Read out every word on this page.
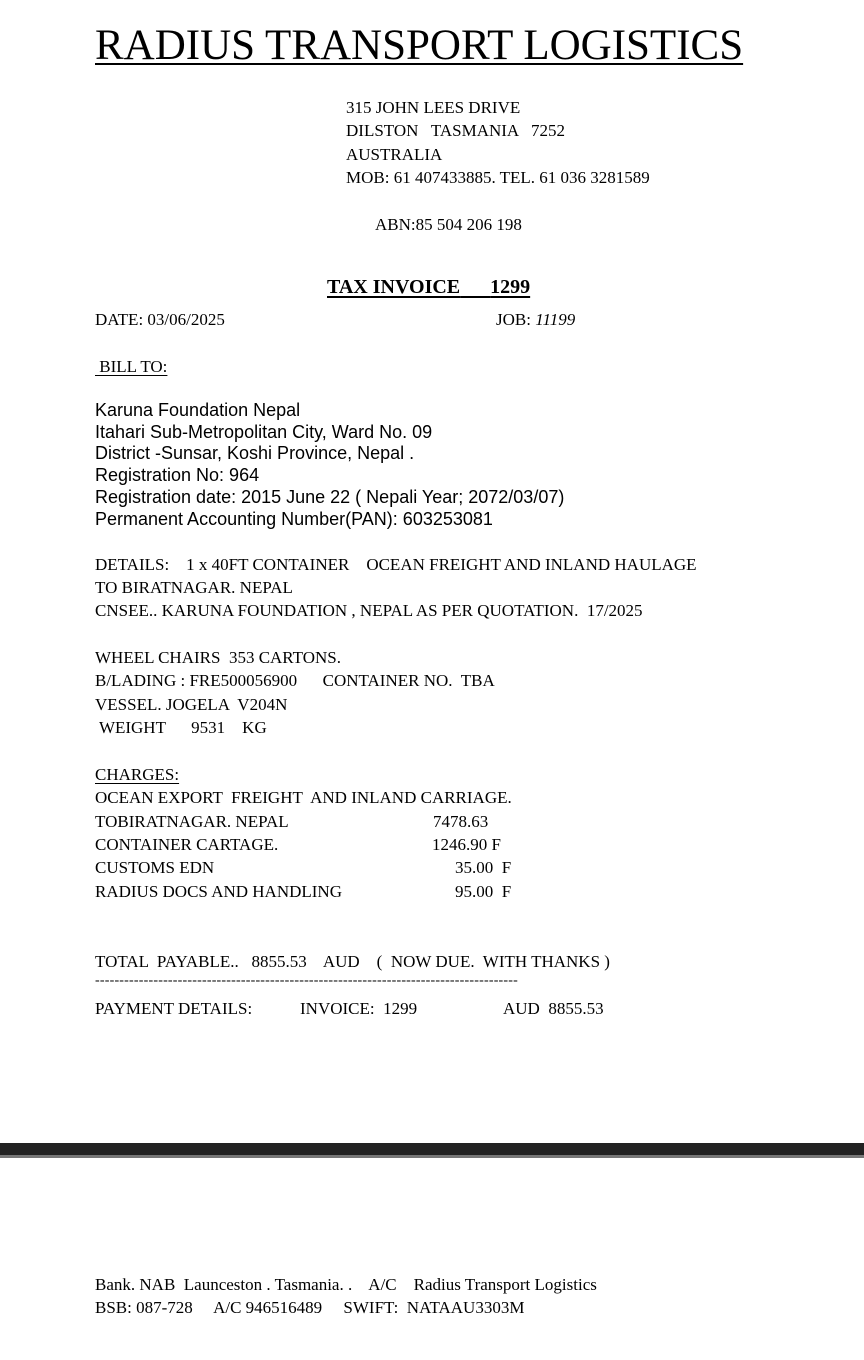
RADIUS TRANSPORT LOGISTICS
315 JOHN LEES DRIVE
DILSTON   TASMANIA   7252
AUSTRALIA
MOB: 61 407433885. TEL. 61 036 3281589
ABN:85 504 206 198

TAX INVOICE 1299

DATE: 03/06/2025	JOB: 11199
BILL TO:
Karuna Foundation Nepal
Itahari Sub-Metropolitan City, Ward No. 09
District -Sunsar, Koshi Province, Nepal .
Registration No: 964
Registration date: 2015 June 22 ( Nepali Year; 2072/03/07)
Permanent Accounting Number(PAN): 603253081
DETAILS:    1 x 40FT CONTAINER    OCEAN FREIGHT AND INLAND HAULAGE
TO BIRATNAGAR. NEPAL
CNSEE.. KARUNA FOUNDATION , NEPAL AS PER QUOTATION.  17/2025
WHEEL CHAIRS  353 CARTONS.
B/LADING : FRE500056900      CONTAINER NO.  TBA
VESSEL. JOGELA  V204N
WEIGHT      9531    KG
CHARGES:
OCEAN EXPORT  FREIGHT  AND INLAND CARRIAGE.
TOBIRATNAGAR. NEPAL	7478.63
CONTAINER CARTAGE.	1246.90 F
CUSTOMS EDN	35.00  F
RADIUS DOCS AND HANDLING	95.00  F
TOTAL  PAYABLE..   8855.53    AUD    (  NOW DUE.  WITH THANKS )
---------------------------------------------------------------------------------------
PAYMENT DETAILS:	INVOICE:  1299	AUD  8855.53
Bank. NAB  Launceston . Tasmania. .    A/C    Radius Transport Logistics
BSB: 087-728     A/C 946516489     SWIFT:  NATAAU3303M
